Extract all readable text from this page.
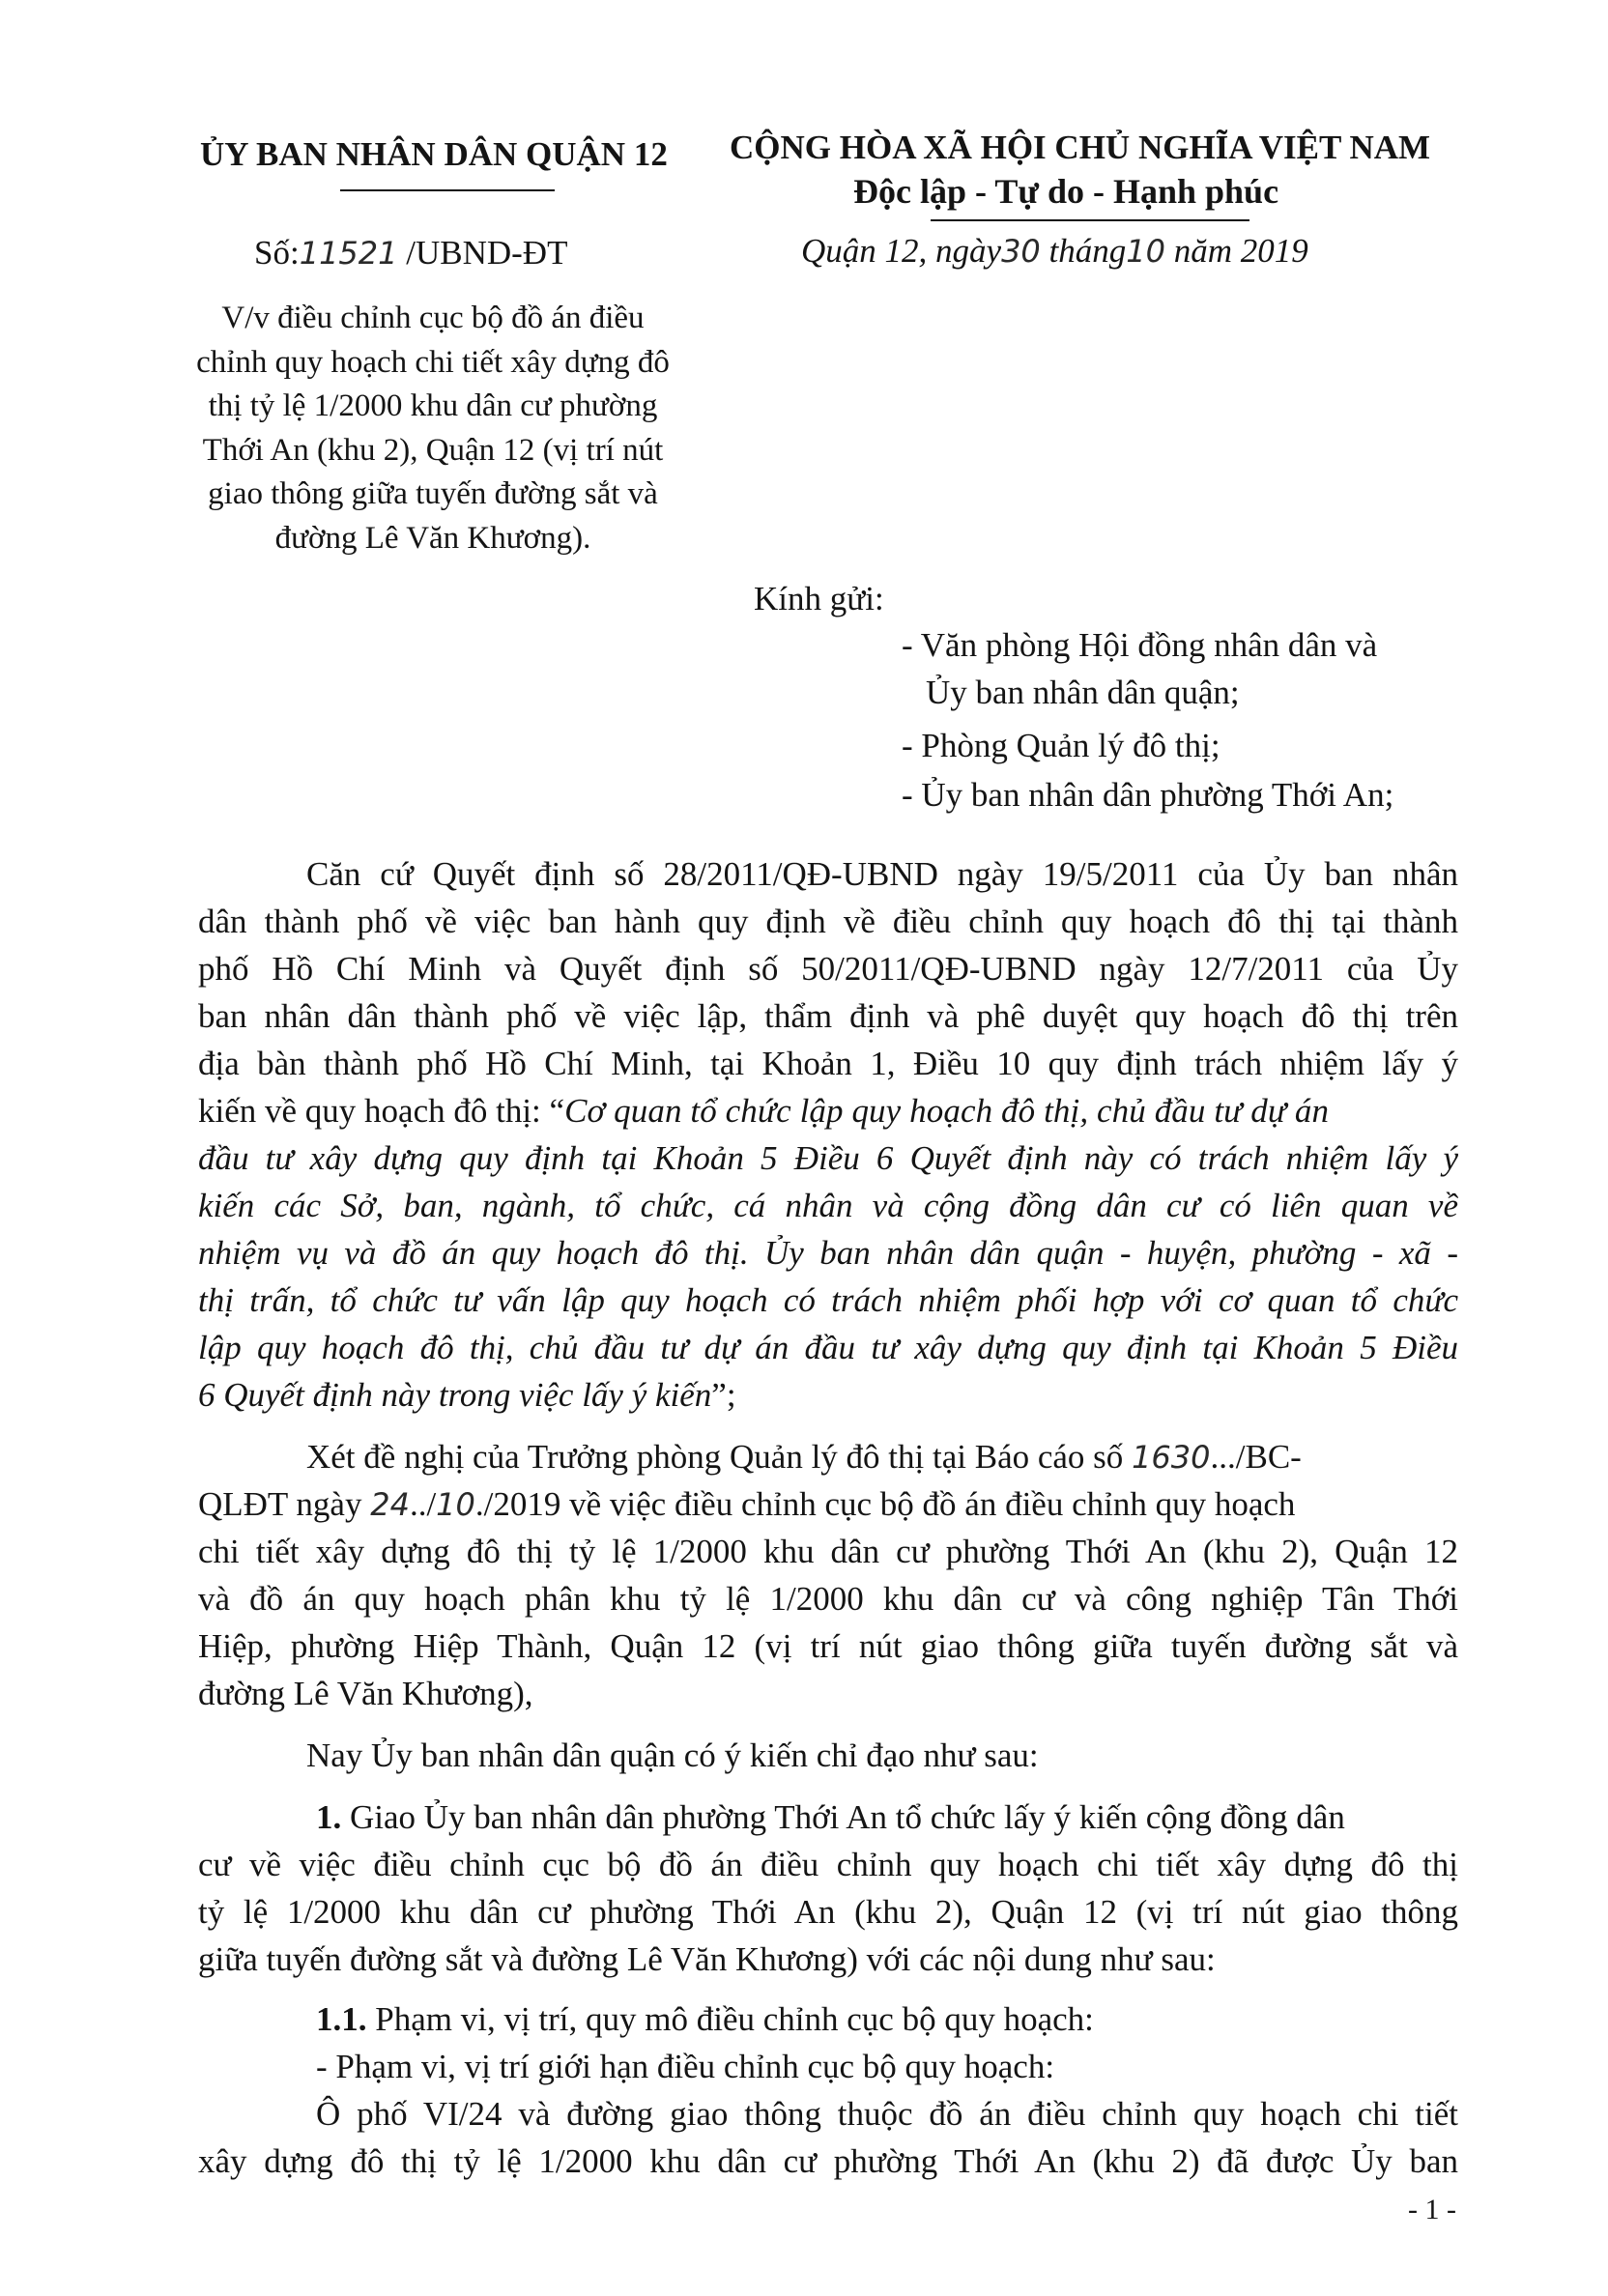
ỦY BAN NHÂN DÂN QUẬN 12 CỘNG HÒA XÃ HỘI CHỦ NGHĨA VIỆT NAM
Độc lập - Tự do - Hạnh phúc
Số:11521 /UBND-ĐT	Quận 12, ngày30 tháng10 năm 2019
V/v điều chỉnh cục bộ đồ án điều
chỉnh quy hoạch chi tiết xây dựng đô
thị tỷ lệ 1/2000 khu dân cư phường
Thới An (khu 2), Quận 12 (vị trí nút
giao thông giữa tuyến đường sắt và
đường Lê Văn Khương).
Kính gửi:
- Văn phòng Hội đồng nhân dân và
Ủy ban nhân dân quận;
- Phòng Quản lý đô thị;
- Ủy ban nhân dân phường Thới An;
Căn cứ Quyết định số 28/2011/QĐ-UBND ngày 19/5/2011 của Ủy ban nhân
dân thành phố về việc ban hành quy định về điều chỉnh quy hoạch đô thị tại thành
phố Hồ Chí Minh và Quyết định số 50/2011/QĐ-UBND ngày 12/7/2011 của Ủy
ban nhân dân thành phố về việc lập, thẩm định và phê duyệt quy hoạch đô thị trên
địa bàn thành phố Hồ Chí Minh, tại Khoản 1, Điều 10 quy định trách nhiệm lấy ý
kiến về quy hoạch đô thị: “Cơ quan tổ chức lập quy hoạch đô thị, chủ đầu tư dự án
đầu tư xây dựng quy định tại Khoản 5 Điều 6 Quyết định này có trách nhiệm lấy ý
kiến các Sở, ban, ngành, tổ chức, cá nhân và cộng đồng dân cư có liên quan về
nhiệm vụ và đồ án quy hoạch đô thị. Ủy ban nhân dân quận - huyện, phường - xã -
thị trấn, tổ chức tư vấn lập quy hoạch có trách nhiệm phối hợp với cơ quan tổ chức
lập quy hoạch đô thị, chủ đầu tư dự án đầu tư xây dựng quy định tại Khoản 5 Điều
6 Quyết định này trong việc lấy ý kiến”;
Xét đề nghị của Trưởng phòng Quản lý đô thị tại Báo cáo số 1630.../BC-
QLĐT ngày 24../10./2019 về việc điều chỉnh cục bộ đồ án điều chỉnh quy hoạch
chi tiết xây dựng đô thị tỷ lệ 1/2000 khu dân cư phường Thới An (khu 2), Quận 12
và đồ án quy hoạch phân khu tỷ lệ 1/2000 khu dân cư và công nghiệp Tân Thới
Hiệp, phường Hiệp Thành, Quận 12 (vị trí nút giao thông giữa tuyến đường sắt và
đường Lê Văn Khương),
Nay Ủy ban nhân dân quận có ý kiến chỉ đạo như sau:
1. Giao Ủy ban nhân dân phường Thới An tổ chức lấy ý kiến cộng đồng dân
cư về việc điều chỉnh cục bộ đồ án điều chỉnh quy hoạch chi tiết xây dựng đô thị
tỷ lệ 1/2000 khu dân cư phường Thới An (khu 2), Quận 12 (vị trí nút giao thông
giữa tuyến đường sắt và đường Lê Văn Khương) với các nội dung như sau:
1.1. Phạm vi, vị trí, quy mô điều chỉnh cục bộ quy hoạch:
- Phạm vi, vị trí giới hạn điều chỉnh cục bộ quy hoạch:
Ô phố VI/24 và đường giao thông thuộc đồ án điều chỉnh quy hoạch chi tiết
xây dựng đô thị tỷ lệ 1/2000 khu dân cư phường Thới An (khu 2) đã được Ủy ban
- 1 -
